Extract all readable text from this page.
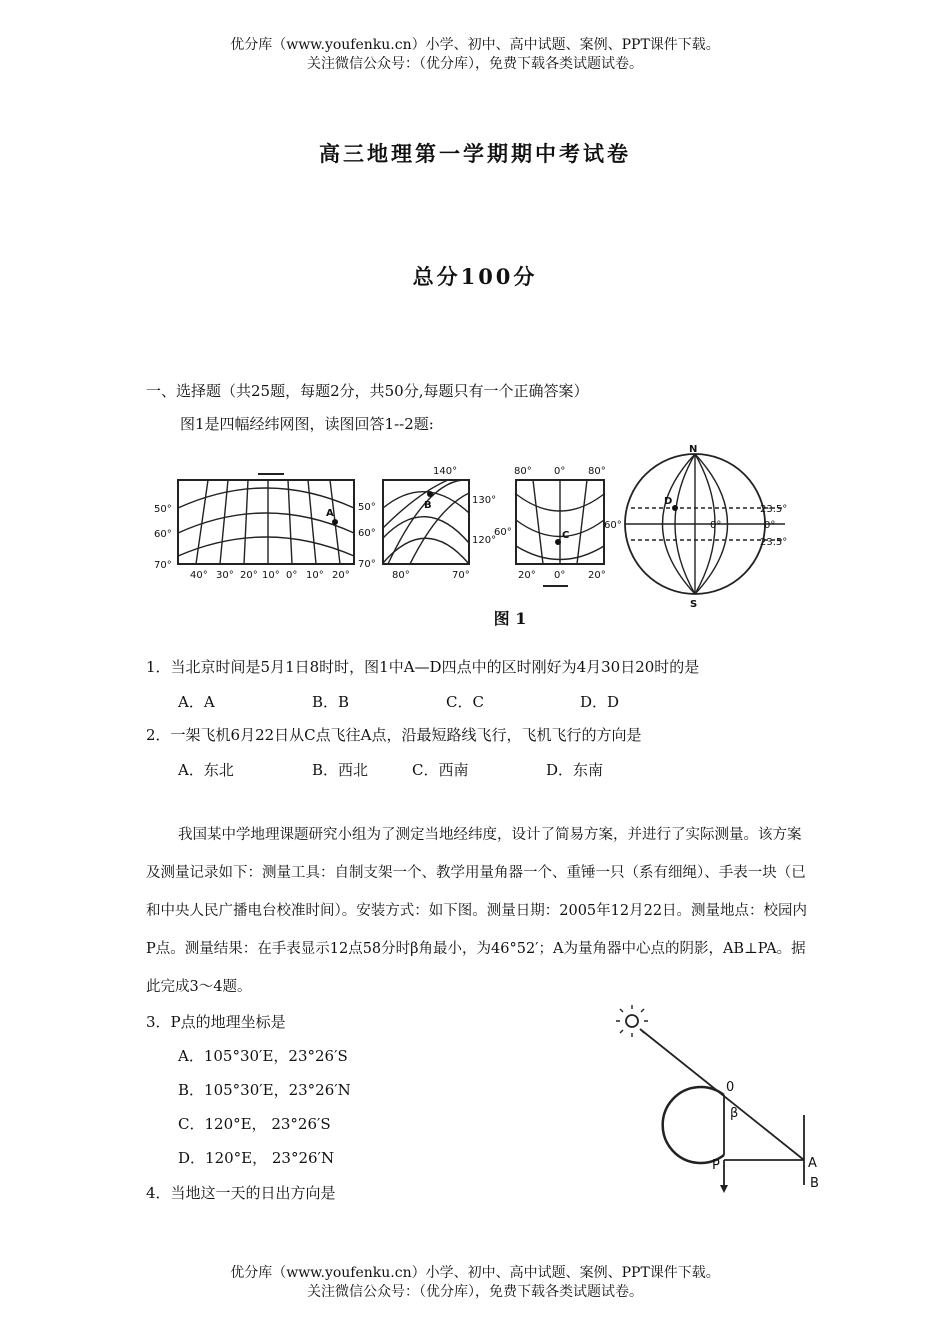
优分库（www.youfenku.cn）小学、初中、高中试题、案例、PPT课件下载。
关注微信公众号：（优分库），免费下载各类试题试卷。
高三地理第一学期期中考试卷
总分100分
一、选择题（共25题，每题2分，共50分,每题只有一个正确答案）
图1是四幅经纬网图，读图回答1--2题:
50°
60°
70°
50°
60°
70°
40° 30° 20° 10° 0° 10° 20°
A
140°
130°
120°
80°	70°
B
80° 0° 80°
60°
20° 0° 20°
C
N
S
60°	0°
23.5°
0°
23.5°
D
图 1
1．当北京时间是5月1日8时时，图1中A—D四点中的区时刚好为4月30日20时的是
A．A	B．B	C．C	D．D
2．一架飞机6月22日从C点飞往A点，沿最短路线飞行，飞机飞行的方向是
A．东北	B．西北	C．西南	D．东南
我国某中学地理课题研究小组为了测定当地经纬度，设计了简易方案，并进行了实际测量。该方案及测量记录如下：测量工具：自制支架一个、教学用量角器一个、重锤一只（系有细绳）、手表一块（已和中央人民广播电台校准时间）。安装方式：如下图。测量日期：2005年12月22日。测量地点：校园内P点。测量结果：在手表显示12点58分时β角最小，为46°52′；A为量角器中心点的阴影，AB⊥PA。据此完成3～4题。
3．P点的地理坐标是
A．105°30′E，23°26′S
B．105°30′E，23°26′N
C．120°E， 23°26′S
D．120°E， 23°26′N
4．当地这一天的日出方向是
0
β
P	A
B
优分库（www.youfenku.cn）小学、初中、高中试题、案例、PPT课件下载。
关注微信公众号：（优分库），免费下载各类试题试卷。
